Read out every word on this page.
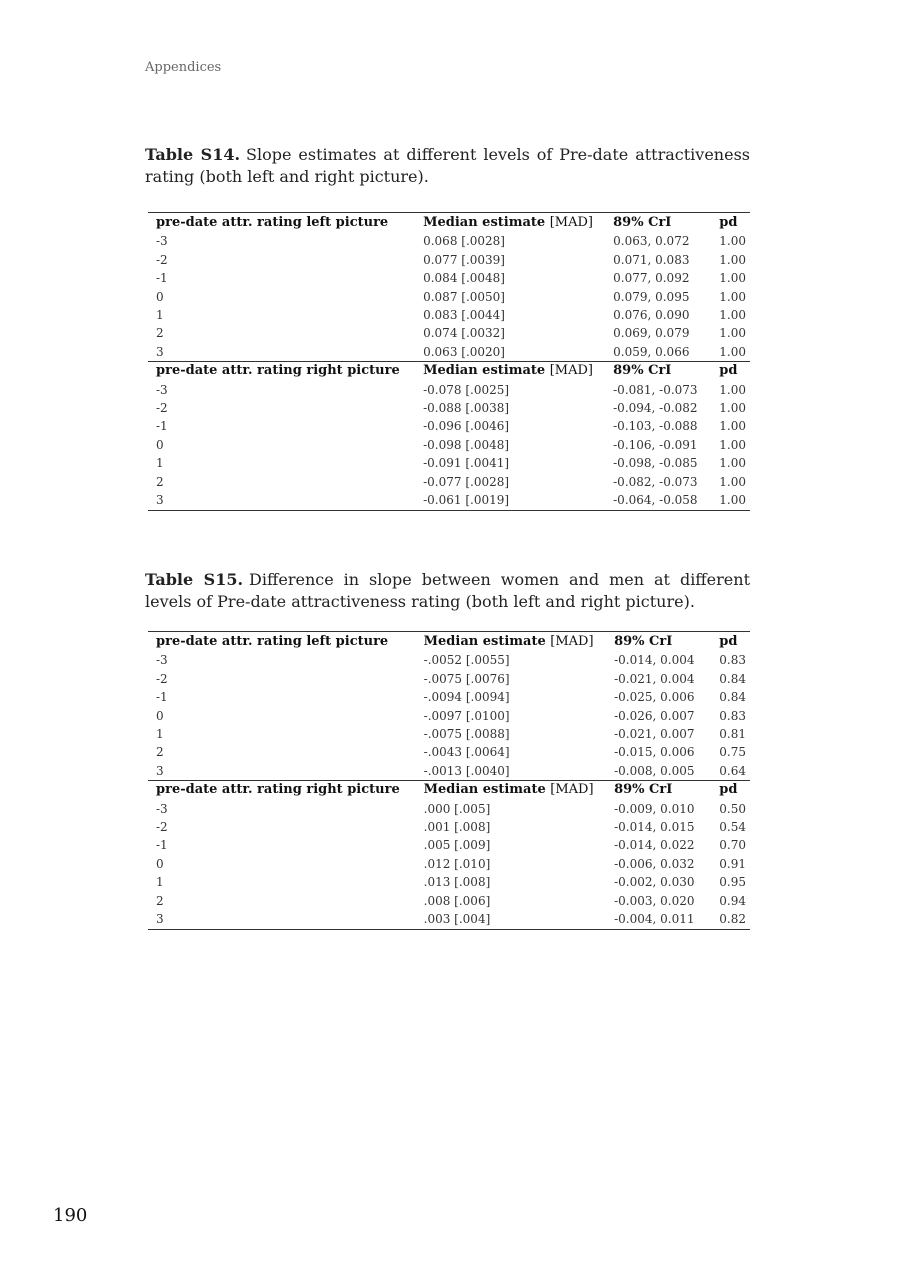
Appendices
Table S14. Slope estimates at different levels of Pre-date attractiveness rating (both left and right picture).
pre-date attr. rating left picture	Median estimate [MAD]	89% CrI	pd
-3	0.068 [.0028]	0.063, 0.072	1.00
-2	0.077 [.0039]	0.071, 0.083	1.00
-1	0.084 [.0048]	0.077, 0.092	1.00
0	0.087 [.0050]	0.079, 0.095	1.00
1	0.083 [.0044]	0.076, 0.090	1.00
2	0.074 [.0032]	0.069, 0.079	1.00
3	0.063 [.0020]	0.059, 0.066	1.00
pre-date attr. rating right picture	Median estimate [MAD]	89% CrI	pd
-3	-0.078 [.0025]	-0.081, -0.073	1.00
-2	-0.088 [.0038]	-0.094, -0.082	1.00
-1	-0.096 [.0046]	-0.103, -0.088	1.00
0	-0.098 [.0048]	-0.106, -0.091	1.00
1	-0.091 [.0041]	-0.098, -0.085	1.00
2	-0.077 [.0028]	-0.082, -0.073	1.00
3	-0.061 [.0019]	-0.064, -0.058	1.00
Table S15. Difference in slope between women and men at different levels of Pre-date attractiveness rating (both left and right picture).
pre-date attr. rating left picture	Median estimate [MAD]	89% CrI	pd
-3	-.0052 [.0055]	-0.014, 0.004	0.83
-2	-.0075 [.0076]	-0.021, 0.004	0.84
-1	-.0094 [.0094]	-0.025, 0.006	0.84
0	-.0097 [.0100]	-0.026, 0.007	0.83
1	-.0075 [.0088]	-0.021, 0.007	0.81
2	-.0043 [.0064]	-0.015, 0.006	0.75
3	-.0013 [.0040]	-0.008, 0.005	0.64
pre-date attr. rating right picture	Median estimate [MAD]	89% CrI	pd
-3	.000 [.005]	-0.009, 0.010	0.50
-2	.001 [.008]	-0.014, 0.015	0.54
-1	.005 [.009]	-0.014, 0.022	0.70
0	.012 [.010]	-0.006, 0.032	0.91
1	.013 [.008]	-0.002, 0.030	0.95
2	.008 [.006]	-0.003, 0.020	0.94
3	.003 [.004]	-0.004, 0.011	0.82
190
